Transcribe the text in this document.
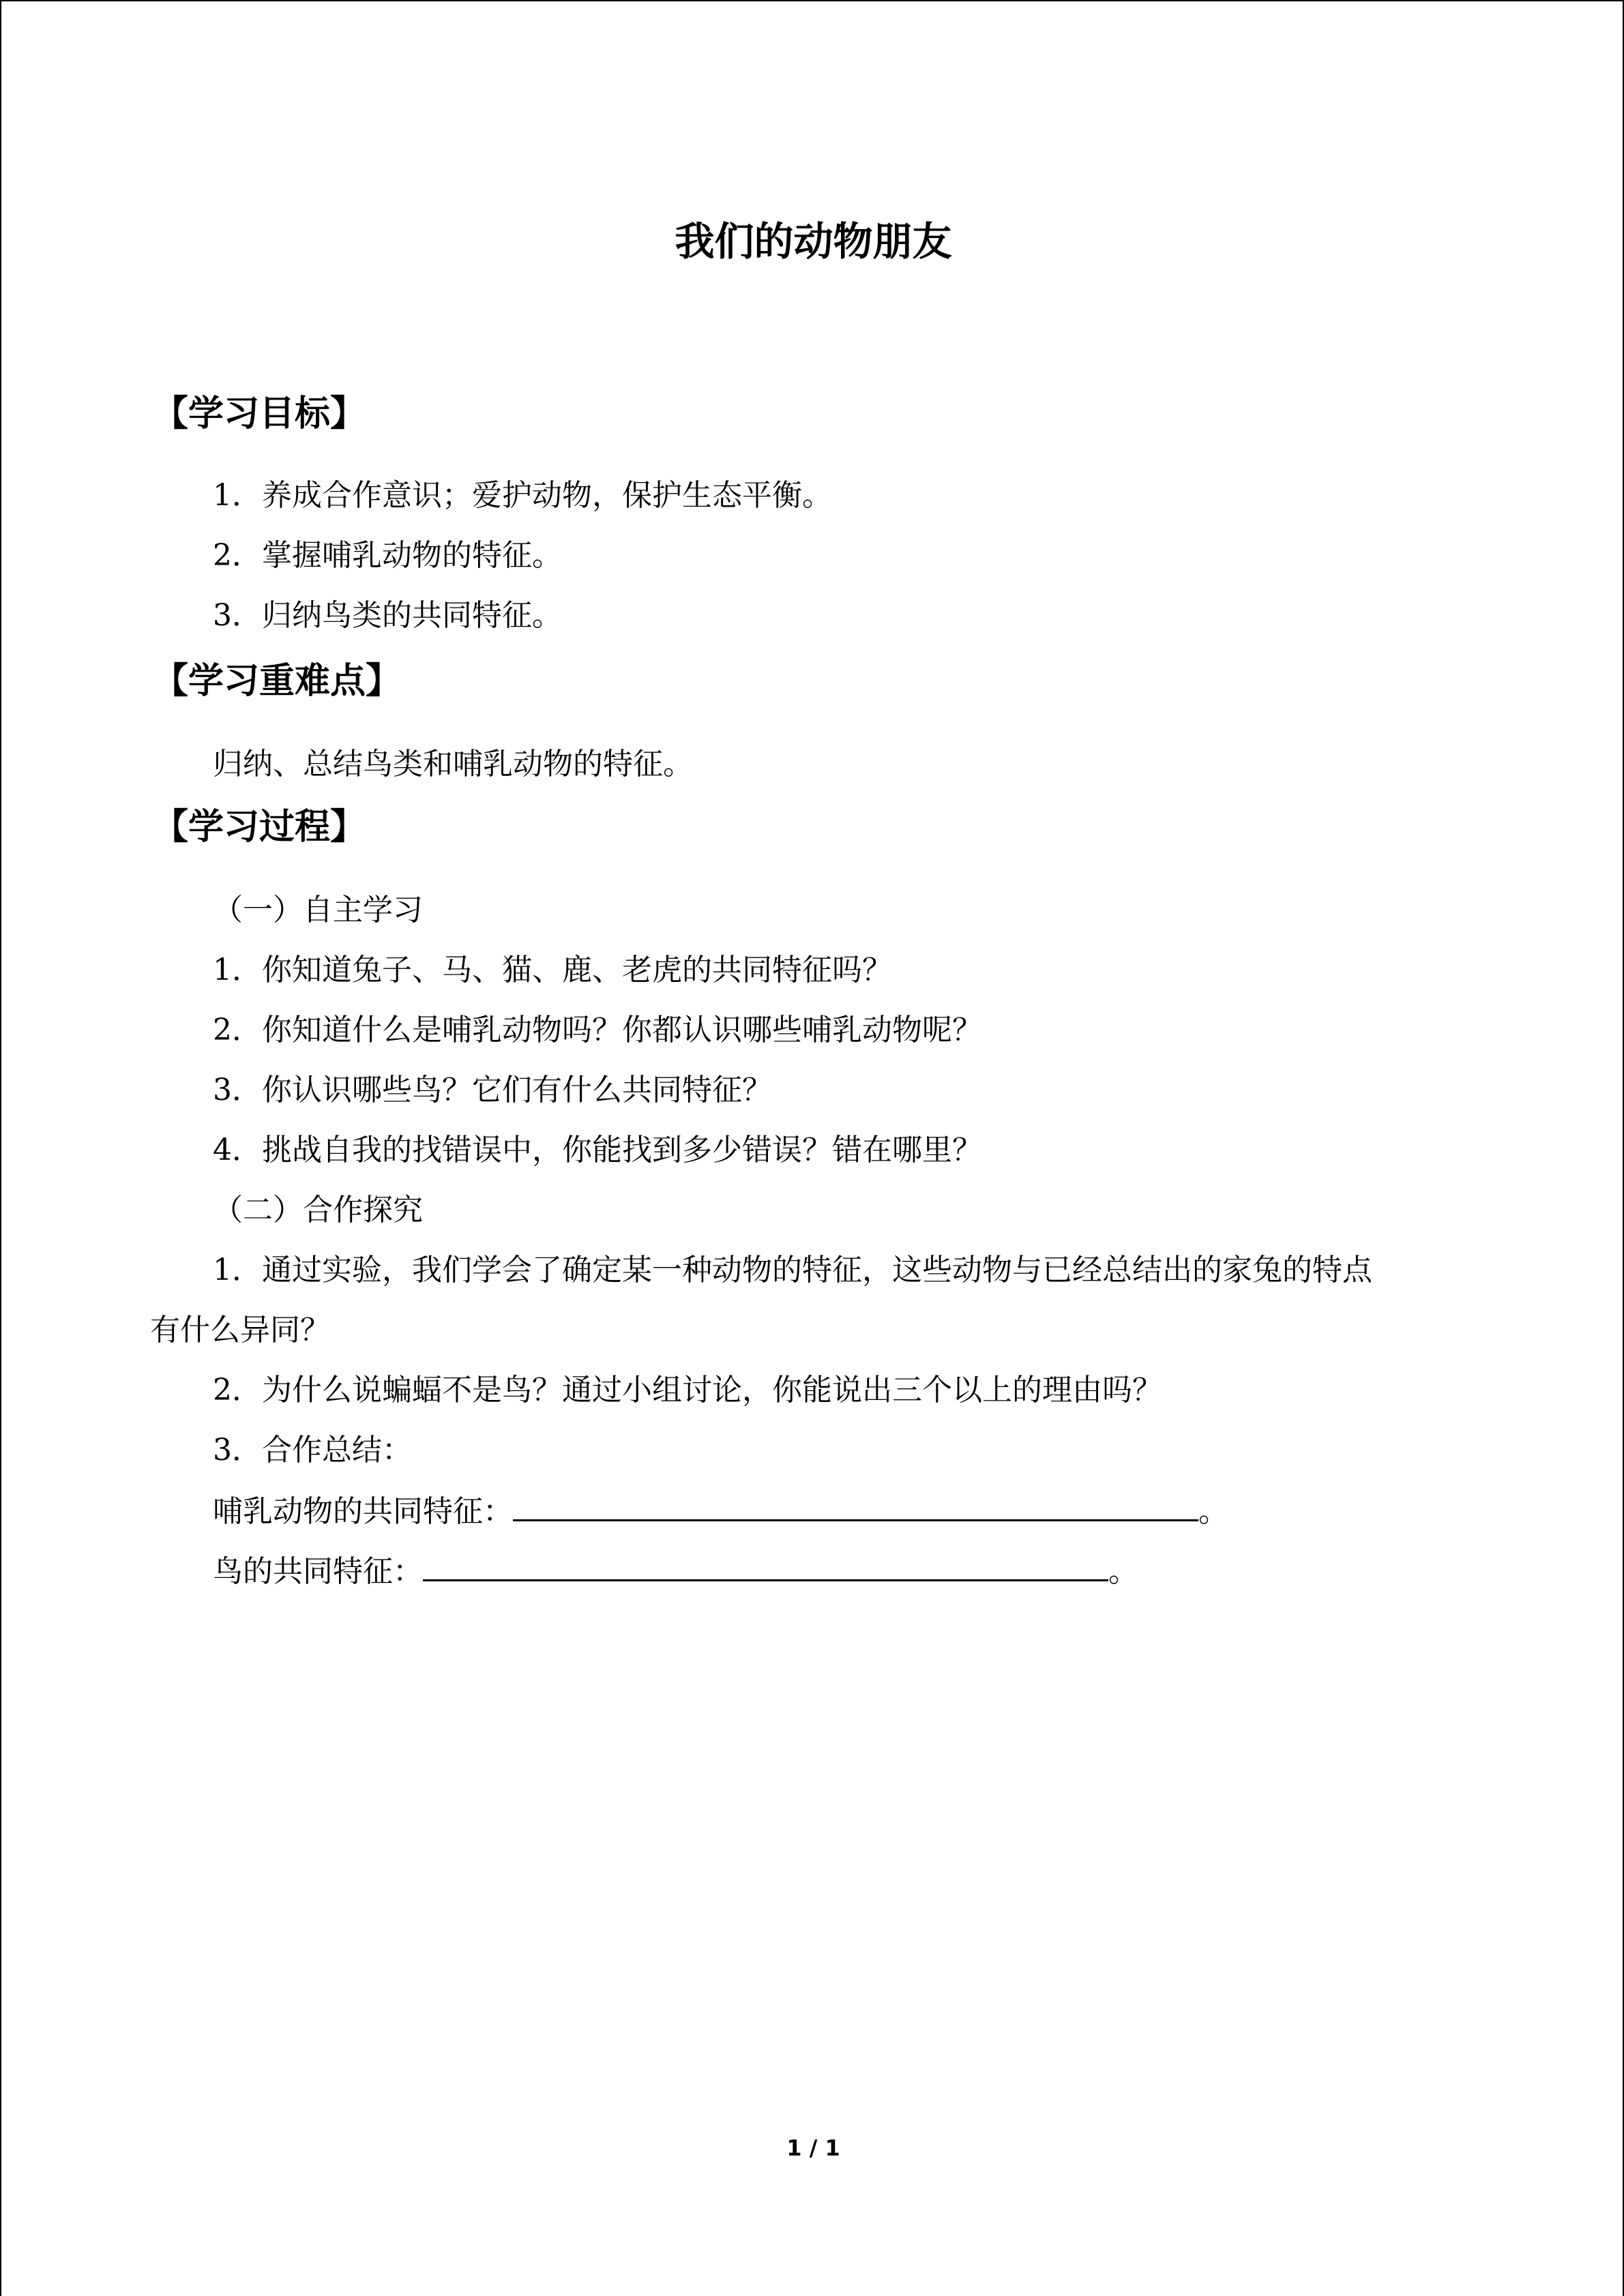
我们的动物朋友
【学习目标】
1．养成合作意识；爱护动物，保护生态平衡。
2．掌握哺乳动物的特征。
3．归纳鸟类的共同特征。
【学习重难点】
归纳、总结鸟类和哺乳动物的特征。
【学习过程】
（一）自主学习
1．你知道兔子、马、猫、鹿、老虎的共同特征吗？
2．你知道什么是哺乳动物吗？你都认识哪些哺乳动物呢？
3．你认识哪些鸟？它们有什么共同特征？
4．挑战自我的找错误中，你能找到多少错误？错在哪里？
（二）合作探究
1．通过实验，我们学会了确定某一种动物的特征，这些动物与已经总结出的家兔的特点
有什么异同？
2．为什么说蝙蝠不是鸟？通过小组讨论，你能说出三个以上的理由吗？
3．合作总结：
哺乳动物的共同特征：	。
鸟的共同特征：	。
1 / 1
